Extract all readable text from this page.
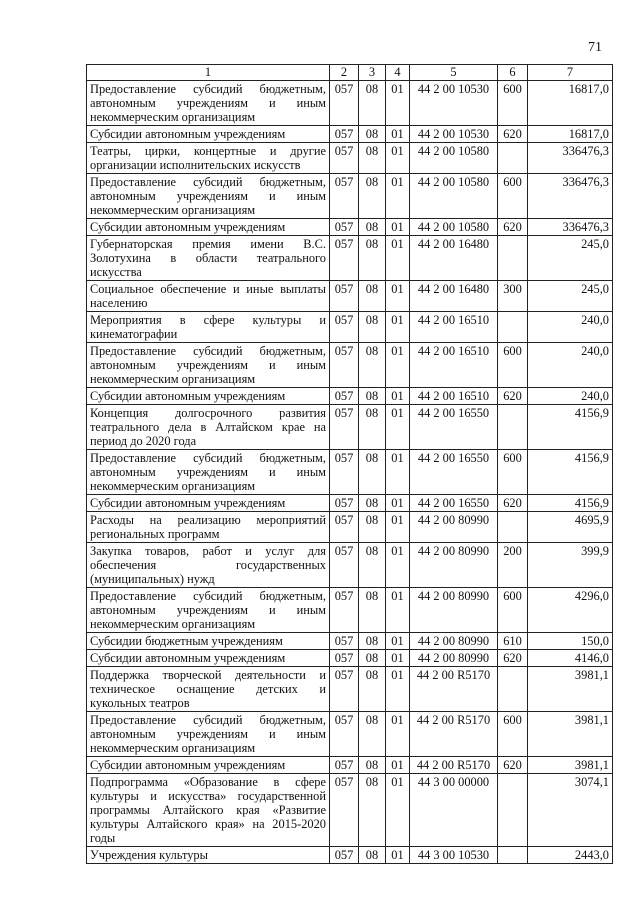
71
1	2	3	4	5	6	7
Предоставление субсидий бюджетным, автономным учреждениям и иным некоммерческим организациям	057	08	01	44 2 00 10530	600	16817,0
Субсидии автономным учреждениям	057	08	01	44 2 00 10530	620	16817,0
Театры, цирки, концертные и другие организации исполнительских искусств	057	08	01	44 2 00 10580		336476,3
Предоставление субсидий бюджетным, автономным учреждениям и иным некоммерческим организациям	057	08	01	44 2 00 10580	600	336476,3
Субсидии автономным учреждениям	057	08	01	44 2 00 10580	620	336476,3
Губернаторская премия имени В.С. Золотухина в области театрального искусства	057	08	01	44 2 00 16480		245,0
Социальное обеспечение и иные выплаты населению	057	08	01	44 2 00 16480	300	245,0
Мероприятия в сфере культуры и кинематографии	057	08	01	44 2 00 16510		240,0
Предоставление субсидий бюджетным, автономным учреждениям и иным некоммерческим организациям	057	08	01	44 2 00 16510	600	240,0
Субсидии автономным учреждениям	057	08	01	44 2 00 16510	620	240,0
Концепция долгосрочного развития театрального дела в Алтайском крае на период до 2020 года	057	08	01	44 2 00 16550		4156,9
Предоставление субсидий бюджетным, автономным учреждениям и иным некоммерческим организациям	057	08	01	44 2 00 16550	600	4156,9
Субсидии автономным учреждениям	057	08	01	44 2 00 16550	620	4156,9
Расходы на реализацию мероприятий региональных программ	057	08	01	44 2 00 80990		4695,9
Закупка товаров, работ и услуг для обеспечения государственных (муниципальных) нужд	057	08	01	44 2 00 80990	200	399,9
Предоставление субсидий бюджетным, автономным учреждениям и иным некоммерческим организациям	057	08	01	44 2 00 80990	600	4296,0
Субсидии бюджетным учреждениям	057	08	01	44 2 00 80990	610	150,0
Субсидии автономным учреждениям	057	08	01	44 2 00 80990	620	4146,0
Поддержка творческой деятельности и техническое оснащение детских и кукольных театров	057	08	01	44 2 00 R5170		3981,1
Предоставление субсидий бюджетным, автономным учреждениям и иным некоммерческим организациям	057	08	01	44 2 00 R5170	600	3981,1
Субсидии автономным учреждениям	057	08	01	44 2 00 R5170	620	3981,1
Подпрограмма «Образование в сфере культуры и искусства» государственной программы Алтайского края «Развитие культуры Алтайского края» на 2015-2020 годы	057	08	01	44 3 00 00000		3074,1
Учреждения культуры	057	08	01	44 3 00 10530		2443,0
